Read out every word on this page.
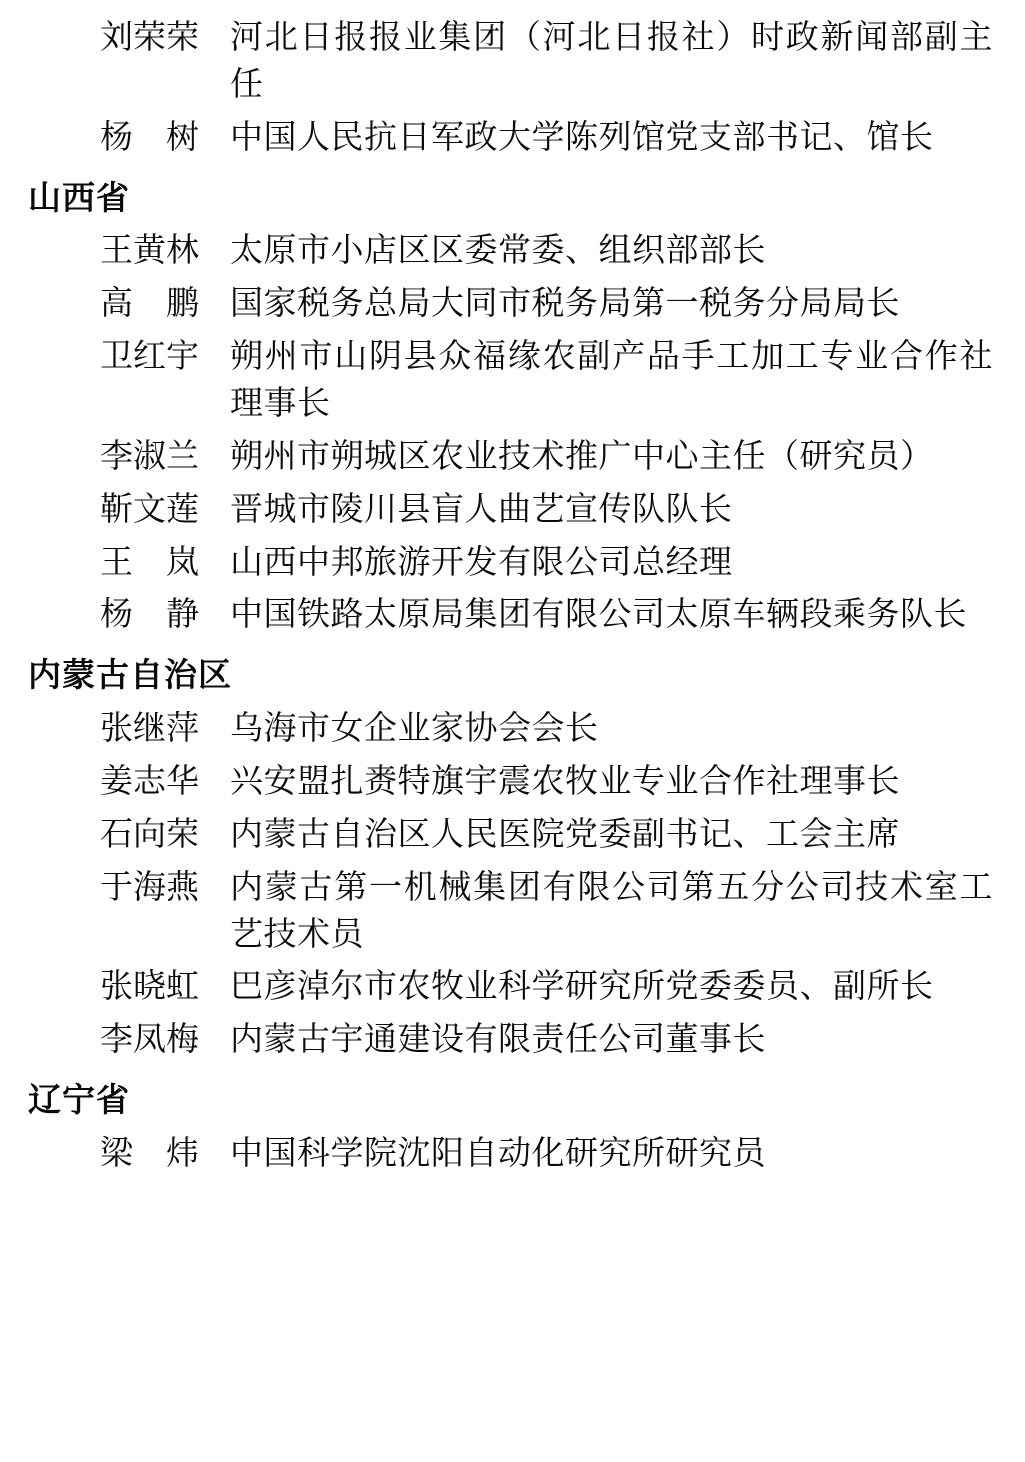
刘荣荣 河北日报报业集团（河北日报社）时政新闻部副主任
杨　树 中国人民抗日军政大学陈列馆党支部书记、馆长
山西省
王黄林 太原市小店区区委常委、组织部部长
高　鹏 国家税务总局大同市税务局第一税务分局局长
卫红宇 朔州市山阴县众福缘农副产品手工加工专业合作社理事长
李淑兰 朔州市朔城区农业技术推广中心主任（研究员）
靳文莲 晋城市陵川县盲人曲艺宣传队队长
王　岚 山西中邦旅游开发有限公司总经理
杨　静 中国铁路太原局集团有限公司太原车辆段乘务队长
内蒙古自治区
张继萍 乌海市女企业家协会会长
姜志华 兴安盟扎赉特旗宇震农牧业专业合作社理事长
石向荣 内蒙古自治区人民医院党委副书记、工会主席
于海燕 内蒙古第一机械集团有限公司第五分公司技术室工艺技术员
张晓虹 巴彦淖尔市农牧业科学研究所党委委员、副所长
李凤梅 内蒙古宇通建设有限责任公司董事长
辽宁省
梁　炜 中国科学院沈阳自动化研究所研究员
